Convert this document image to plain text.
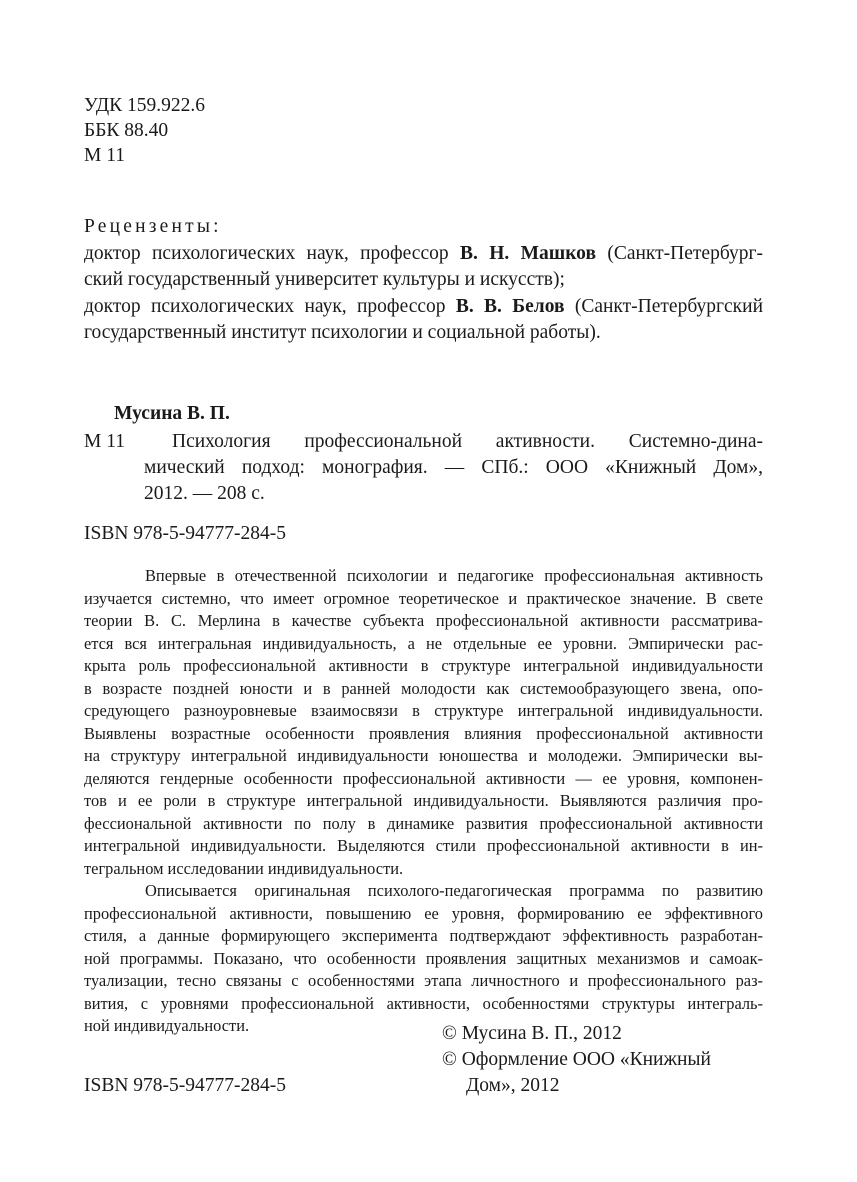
УДК 159.922.6
ББК 88.40
М 11
Рецензенты:
доктор психологических наук, профессор В. Н. Машков (Санкт-Петербург-
ский государственный университет культуры и искусств);
доктор психологических наук, профессор В. В. Белов (Санкт-Петербургский
государственный институт психологии и социальной работы).
Мусина В. П.
М 11	Психология профессиональной активности. Системно-дина-
мический подход: монография. — СПб.: ООО «Книжный Дом»,
2012. — 208 с.
ISBN 978-5-94777-284-5
Впервые в отечественной психологии и педагогике профессиональная активность
изучается системно, что имеет огромное теоретическое и практическое значение. В свете
теории В. С. Мерлина в качестве субъекта профессиональной активности рассматрива-
ется вся интегральная индивидуальность, а не отдельные ее уровни. Эмпирически рас-
крыта роль профессиональной активности в структуре интегральной индивидуальности
в возрасте поздней юности и в ранней молодости как системообразующего звена, опо-
средующего разноуровневые взаимосвязи в структуре интегральной индивидуальности.
Выявлены возрастные особенности проявления влияния профессиональной активности
на структуру интегральной индивидуальности юношества и молодежи. Эмпирически вы-
деляются гендерные особенности профессиональной активности — ее уровня, компонен-
тов и ее роли в структуре интегральной индивидуальности. Выявляются различия про-
фессиональной активности по полу в динамике развития профессиональной активности
интегральной индивидуальности. Выделяются стили профессиональной активности в ин-
тегральном исследовании индивидуальности.
Описывается оригинальная психолого-педагогическая программа по развитию
профессиональной активности, повышению ее уровня, формированию ее эффективного
стиля, а данные формирующего эксперимента подтверждают эффективность разработан-
ной программы. Показано, что особенности проявления защитных механизмов и самоак-
туализации, тесно связаны с особенностями этапа личностного и профессионального раз-
вития, с уровнями профессиональной активности, особенностями структуры интеграль-
ной индивидуальности.	© Мусина В. П., 2012
© Оформление ООО «Книжный
Дом», 2012
ISBN 978-5-94777-284-5
